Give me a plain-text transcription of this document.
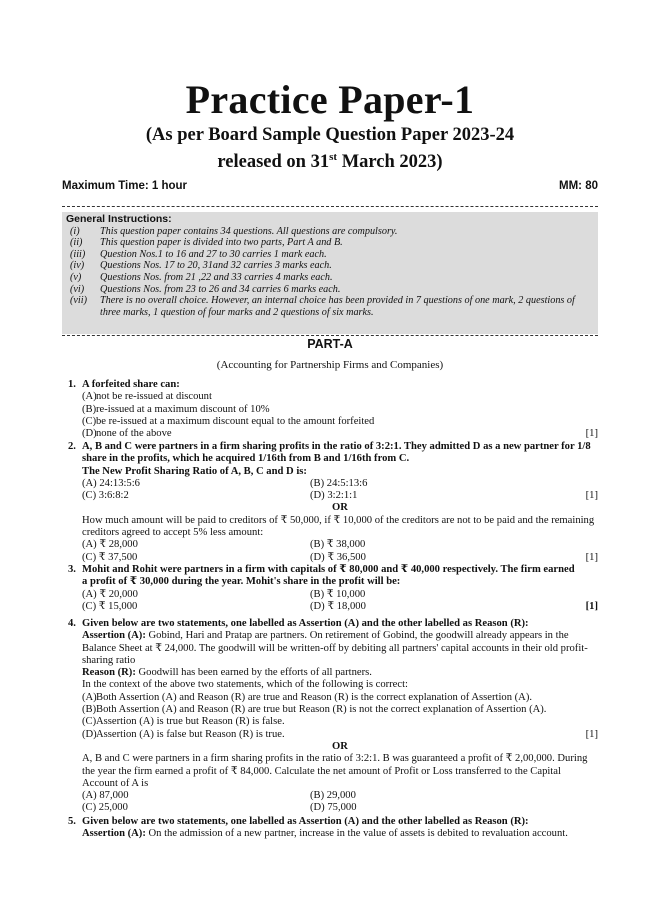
Practice Paper-1
(As per Board Sample Question Paper 2023-24
released on 31st March 2023)
Maximum Time: 1 hour	MM: 80
General Instructions:
(i) This question paper contains 34 questions. All questions are compulsory.
(ii) This question paper is divided into two parts, Part A and B.
(iii) Question Nos.1 to 16 and 27 to 30 carries 1 mark each.
(iv) Questions Nos. 17 to 20, 31and 32 carries 3 marks each.
(v) Questions Nos. from 21 ,22 and 33 carries 4 marks each.
(vi) Questions Nos. from 23 to 26 and 34 carries 6 marks each.
(vii) There is no overall choice. However, an internal choice has been provided in 7 questions of one mark, 2 questions of three marks, 1 question of four marks and 2 questions of six marks.
PART-A
(Accounting for Partnership Firms and Companies)
1. A forfeited share can:
(A) not be re-issued at discount
(B) re-issued at a maximum discount of 10%
(C) be re-issued at a maximum discount equal to the amount forfeited
(D) none of the above	[1]
2. A, B and C were partners in a firm sharing profits in the ratio of 3:2:1. They admitted D as a new partner for 1/8 share in the profits, which he acquired 1/16th from B and 1/16th from C.
The New Profit Sharing Ratio of A, B, C and D is:
(A) 24:13:5:6	(B) 24:5:13:6
(C) 3:6:8:2	(D) 3:2:1:1	[1]
OR
How much amount will be paid to creditors of ₹ 50,000, if ₹ 10,000 of the creditors are not to be paid and the remaining creditors agreed to accept 5% less amount:
(A) ₹ 28,000	(B) ₹ 38,000
(C) ₹ 37,500	(D) ₹ 36,500	[1]
3. Mohit and Rohit were partners in a firm with capitals of ₹ 80,000 and ₹ 40,000 respectively. The firm earned a profit of ₹ 30,000 during the year. Mohit's share in the profit will be:
[1]
(A) ₹ 20,000	(B) ₹ 10,000
(C) ₹ 15,000	(D) ₹ 18,000
4. Given below are two statements, one labelled as Assertion (A) and the other labelled as Reason (R):
Assertion (A): Gobind, Hari and Pratap are partners. On retirement of Gobind, the goodwill already appears in the Balance Sheet at ₹ 24,000. The goodwill will be written-off by debiting all partners' capital accounts in their old profit-sharing ratio
Reason (R): Goodwill has been earned by the efforts of all partners.
In the context of the above two statements, which of the following is correct:
(A) Both Assertion (A) and Reason (R) are true and Reason (R) is the correct explanation of Assertion (A).
(B) Both Assertion (A) and Reason (R) are true but Reason (R) is not the correct explanation of Assertion (A).
(C) Assertion (A) is true but Reason (R) is false.
(D) Assertion (A) is false but Reason (R) is true.	[1]
OR
A, B and C were partners in a firm sharing profits in the ratio of 3:2:1. B was guaranteed a profit of ₹ 2,00,000. During the year the firm earned a profit of ₹ 84,000. Calculate the net amount of Profit or Loss transferred to the Capital Account of A is
(A) 87,000	(B) 29,000
(C) 25,000	(D) 75,000
5. Given below are two statements, one labelled as Assertion (A) and the other labelled as Reason (R):
Assertion (A): On the admission of a new partner, increase in the value of assets is debited to revaluation account.
